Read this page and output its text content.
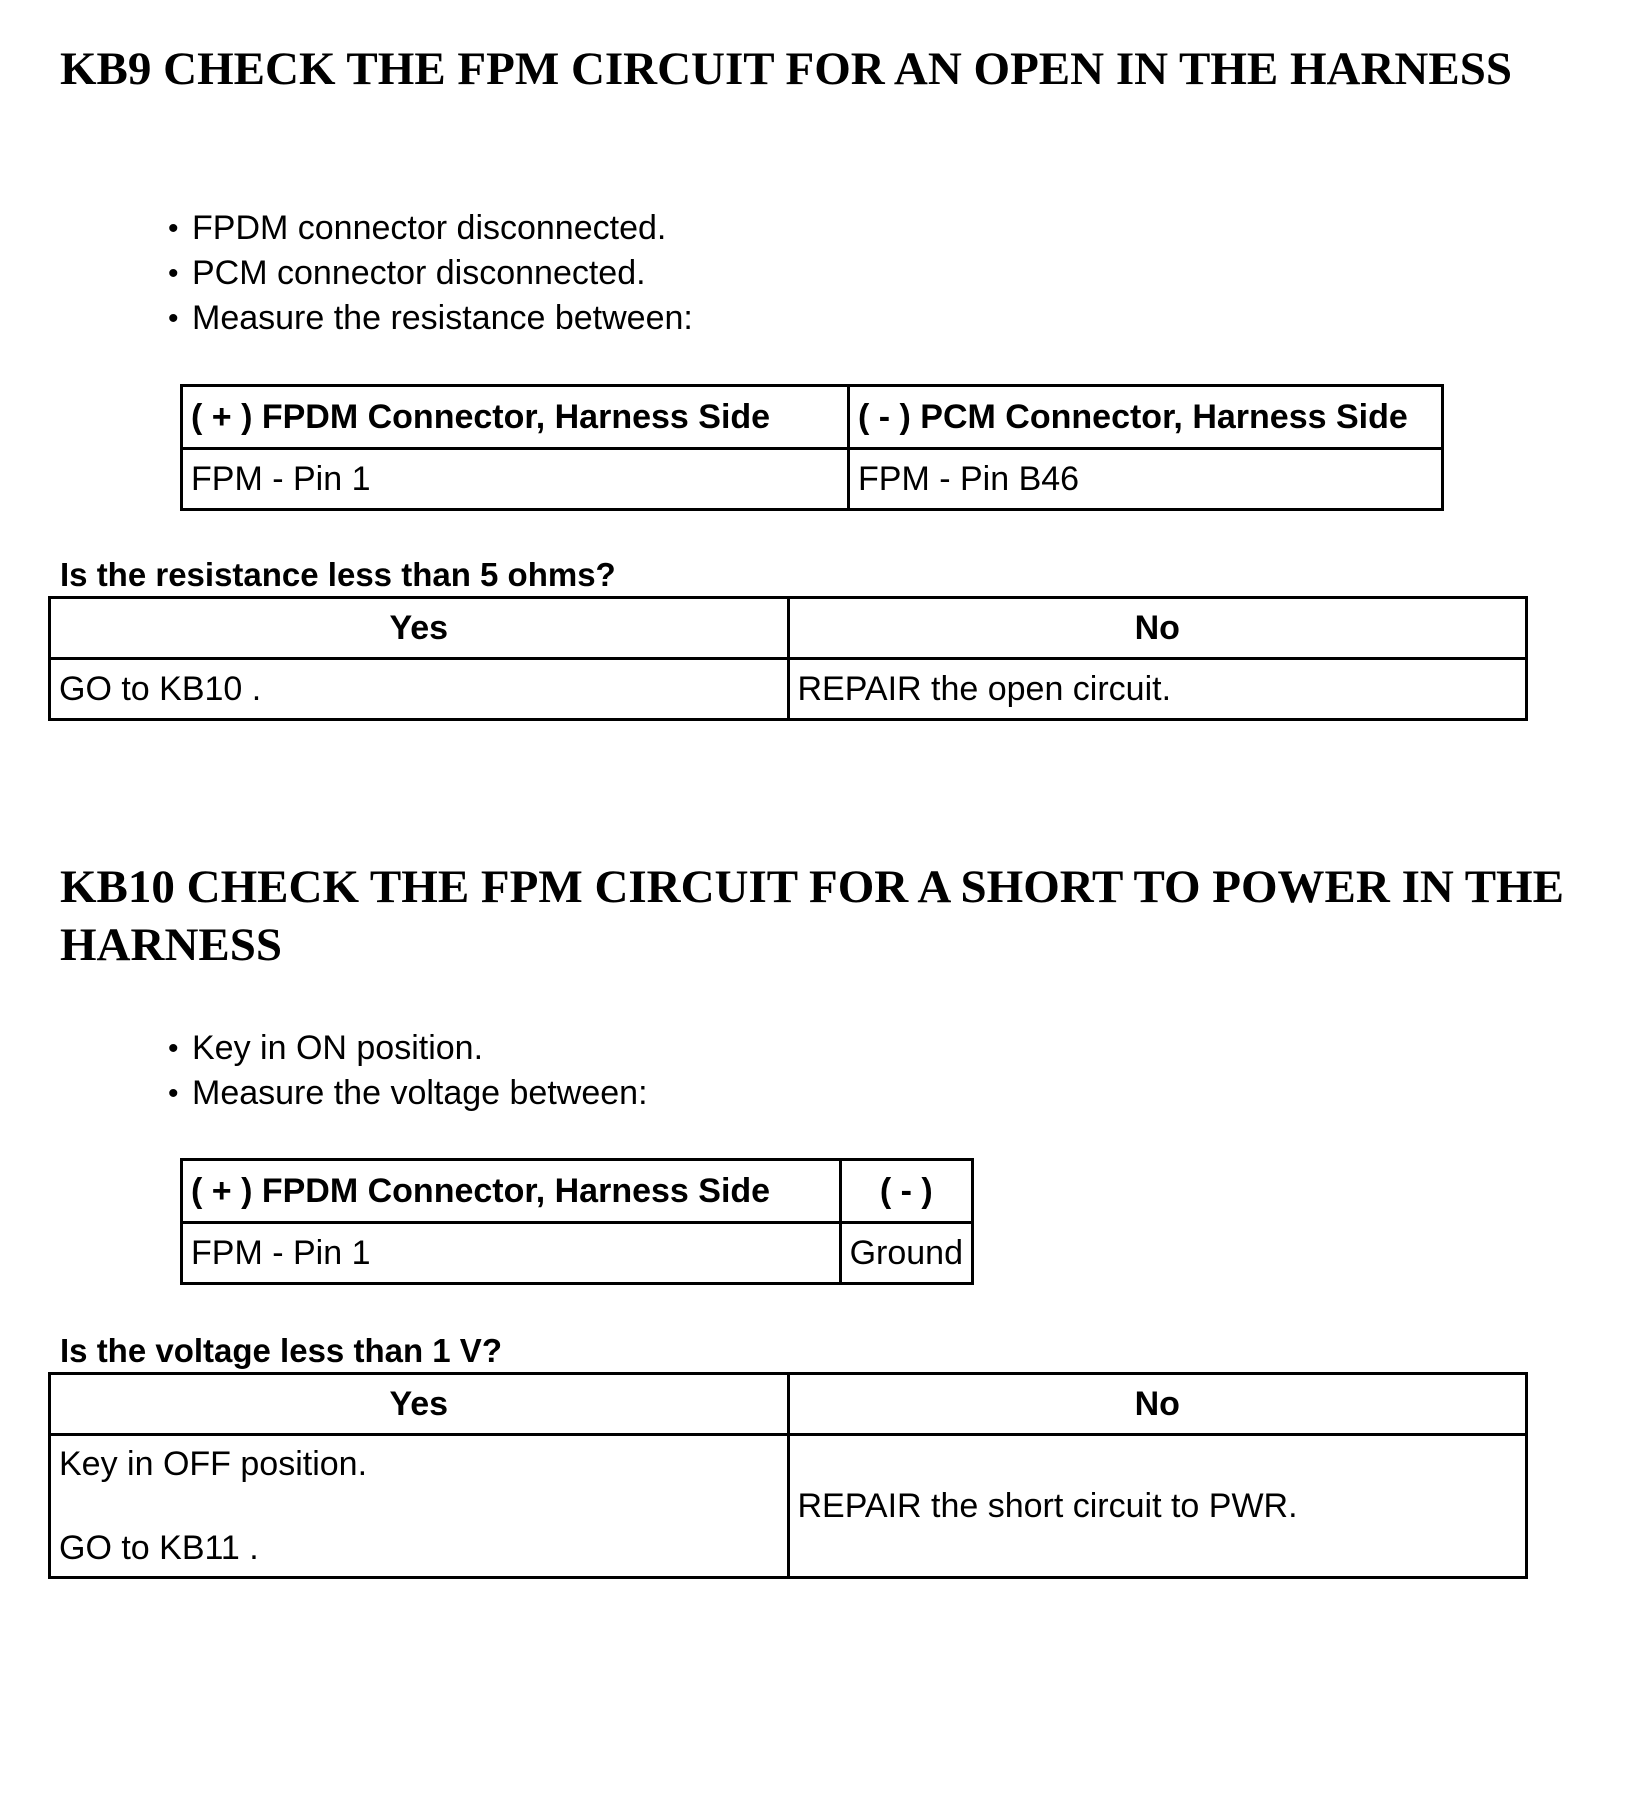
KB9 CHECK THE FPM CIRCUIT FOR AN OPEN IN THE HARNESS
• FPDM connector disconnected.
• PCM connector disconnected.
• Measure the resistance between:
( + ) FPDM Connector, Harness Side	( - ) PCM Connector, Harness Side
FPM - Pin 1	FPM - Pin B46

Is the resistance less than 5 ohms?

Yes	No
GO to KB10 .	REPAIR the open circuit.
KB10 CHECK THE FPM CIRCUIT FOR A SHORT TO POWER IN THE HARNESS
• Key in ON position.
• Measure the voltage between:
( + ) FPDM Connector, Harness Side	( - )
FPM - Pin 1	Ground

Is the voltage less than 1 V?

Yes	No

Key in OFF position.
GO to KB11 .	REPAIR the short circuit to PWR.
